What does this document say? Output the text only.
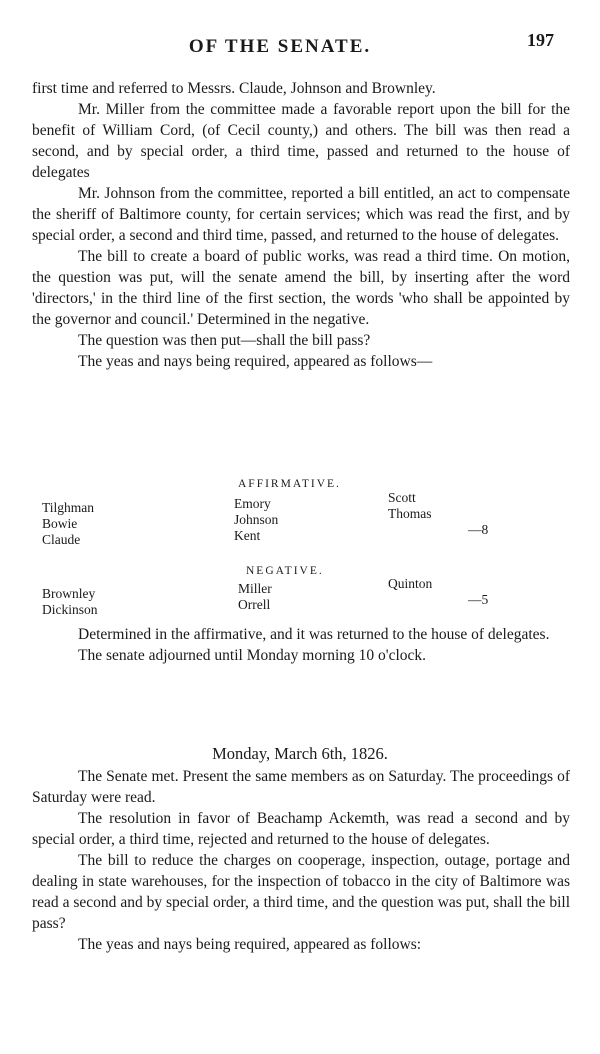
OF THE SENATE.	197

first time and referred to Messrs. Claude, Johnson and Brownley.

Mr. Miller from the committee made a favorable report upon the bill for the benefit of William Cord, (of Cecil county,) and others. The bill was then read a second, and by special order, a third time, passed and returned to the house of delegates

Mr. Johnson from the committee, reported a bill entitled, an act to compensate the sheriff of Baltimore county, for certain services; which was read the first, and by special order, a second and third time, passed, and returned to the house of delegates.

The bill to create a board of public works, was read a third time. On motion, the question was put, will the senate amend the bill, by inserting after the word 'directors,' in the third line of the first section, the words 'who shall be appointed by the governor and council.' Determined in the negative.

The question was then put—shall the bill pass?

The yeas and nays being required, appeared as follows—

AFFIRMATIVE.
Tilghman
Bowie
Claude
Emory
Johnson
Kent
Scott
Thomas
—8
NEGATIVE.
Brownley
Dickinson
Miller
Orrell
Quinton
—5

Determined in the affirmative, and it was returned to the house of delegates.

The senate adjourned until Monday morning 10 o'clock.

Monday, March 6th, 1826.

The Senate met. Present the same members as on Saturday. The proceedings of Saturday were read.

The resolution in favor of Beachamp Ackemth, was read a second and by special order, a third time, rejected and returned to the house of delegates.

The bill to reduce the charges on cooperage, inspection, outage, portage and dealing in state warehouses, for the inspection of tobacco in the city of Baltimore was read a second and by special order, a third time, and the question was put, shall the bill pass?

The yeas and nays being required, appeared as follows:
